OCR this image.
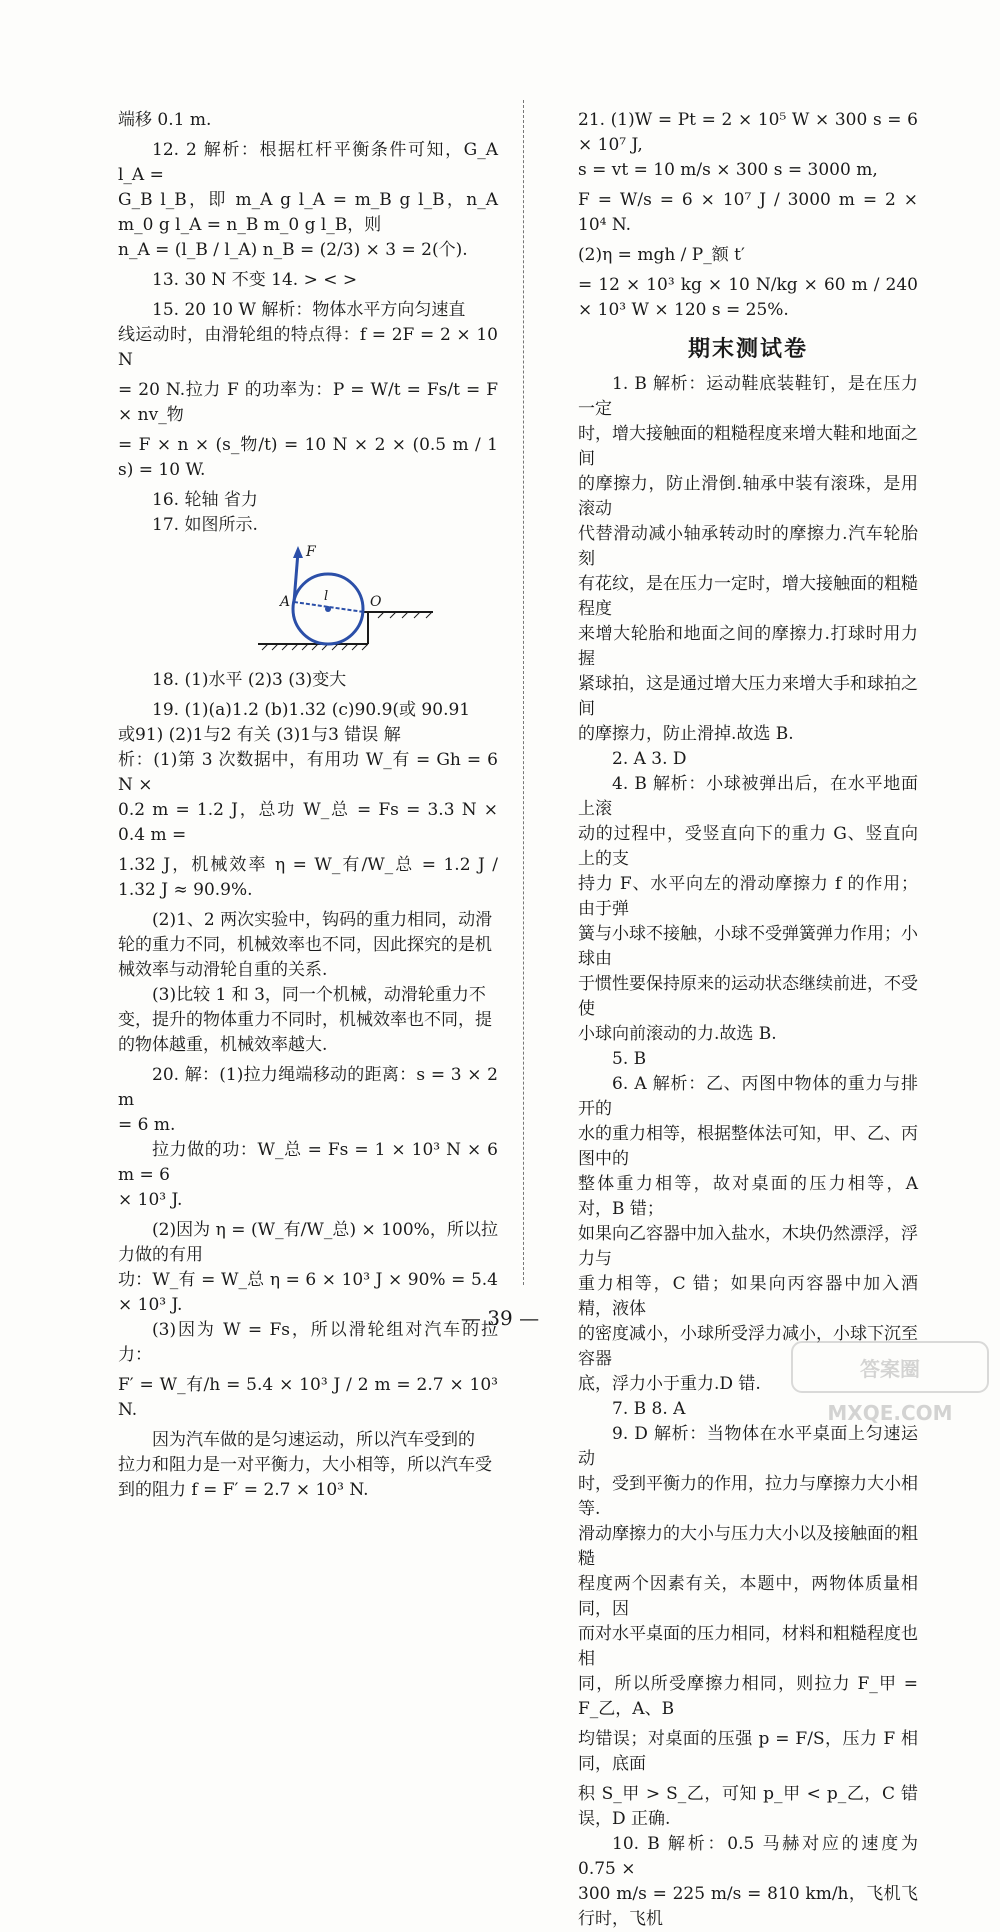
端移 0.1 m.
12. 2 解析：根据杠杆平衡条件可知，G_A l_A =
G_B l_B，即 m_A g l_A = m_B g l_B，n_A m_0 g l_A = n_B m_0 g l_B，则
n_A = (l_B / l_A) n_B = (2/3) × 3 = 2(个).
13. 30 N 不变 14. > < >
15. 20 10 W 解析：物体水平方向匀速直
线运动时，由滑轮组的特点得：f = 2F = 2 × 10 N
= 20 N.拉力 F 的功率为：P = W/t = Fs/t = F × nv_物
= F × n × (s_物/t) = 10 N × 2 × (0.5 m / 1 s) = 10 W.
16. 轮轴 省力
17. 如图所示.
F
A	l	O
18. (1)水平 (2)3 (3)变大
19. (1)(a)1.2 (b)1.32 (c)90.9(或 90.91
或91) (2)1与2 有关 (3)1与3 错误 解
析：(1)第 3 次数据中，有用功 W_有 = Gh = 6 N ×
0.2 m = 1.2 J，总功 W_总 = Fs = 3.3 N × 0.4 m =
1.32 J，机械效率 η = W_有/W_总 = 1.2 J / 1.32 J ≈ 90.9%.
(2)1、2 两次实验中，钩码的重力相同，动滑
轮的重力不同，机械效率也不同，因此探究的是机
械效率与动滑轮自重的关系.
(3)比较 1 和 3，同一个机械，动滑轮重力不
变，提升的物体重力不同时，机械效率也不同，提
的物体越重，机械效率越大.
20. 解：(1)拉力绳端移动的距离：s = 3 × 2 m
= 6 m.
拉力做的功：W_总 = Fs = 1 × 10³ N × 6 m = 6
× 10³ J.
(2)因为 η = (W_有/W_总) × 100%，所以拉力做的有用
功：W_有 = W_总 η = 6 × 10³ J × 90% = 5.4 × 10³ J.
(3)因为 W = Fs，所以滑轮组对汽车的拉力：
F′ = W_有/h = 5.4 × 10³ J / 2 m = 2.7 × 10³ N.
因为汽车做的是匀速运动，所以汽车受到的
拉力和阻力是一对平衡力，大小相等，所以汽车受
到的阻力 f = F′ = 2.7 × 10³ N.
21. (1)W = Pt = 2 × 10⁵ W × 300 s = 6 × 10⁷ J,
s = vt = 10 m/s × 300 s = 3000 m,
F = W/s = 6 × 10⁷ J / 3000 m = 2 × 10⁴ N.
(2)η = mgh / P_额 t′
= 12 × 10³ kg × 10 N/kg × 60 m / 240 × 10³ W × 120 s = 25%.
期末测试卷
1. B 解析：运动鞋底装鞋钉，是在压力一定
时，增大接触面的粗糙程度来增大鞋和地面之间
的摩擦力，防止滑倒.轴承中装有滚珠，是用滚动
代替滑动减小轴承转动时的摩擦力.汽车轮胎刻
有花纹，是在压力一定时，增大接触面的粗糙程度
来增大轮胎和地面之间的摩擦力.打球时用力握
紧球拍，这是通过增大压力来增大手和球拍之间
的摩擦力，防止滑掉.故选 B.
2. A 3. D
4. B 解析：小球被弹出后，在水平地面上滚
动的过程中，受竖直向下的重力 G、竖直向上的支
持力 F、水平向左的滑动摩擦力 f 的作用；由于弹
簧与小球不接触，小球不受弹簧弹力作用；小球由
于惯性要保持原来的运动状态继续前进，不受使
小球向前滚动的力.故选 B.
5. B
6. A 解析：乙、丙图中物体的重力与排开的
水的重力相等，根据整体法可知，甲、乙、丙图中的
整体重力相等，故对桌面的压力相等，A 对，B 错；
如果向乙容器中加入盐水，木块仍然漂浮，浮力与
重力相等，C 错；如果向丙容器中加入酒精，液体
的密度减小，小球所受浮力减小，小球下沉至容器
底，浮力小于重力.D 错.
7. B 8. A
9. D 解析：当物体在水平桌面上匀速运动
时，受到平衡力的作用，拉力与摩擦力大小相等.
滑动摩擦力的大小与压力大小以及接触面的粗糙
程度两个因素有关，本题中，两物体质量相同，因
而对水平桌面的压力相同，材料和粗糙程度也相
同，所以所受摩擦力相同，则拉力 F_甲 = F_乙，A、B
均错误；对桌面的压强 p = F/S，压力 F 相同，底面
积 S_甲 > S_乙，可知 p_甲 < p_乙，C 错误，D 正确.
10. B 解析：0.5 马赫对应的速度为 0.75 ×
300 m/s = 225 m/s = 810 km/h，飞机飞行时，飞机
— 39 —
答案圈
MXQE.COM
